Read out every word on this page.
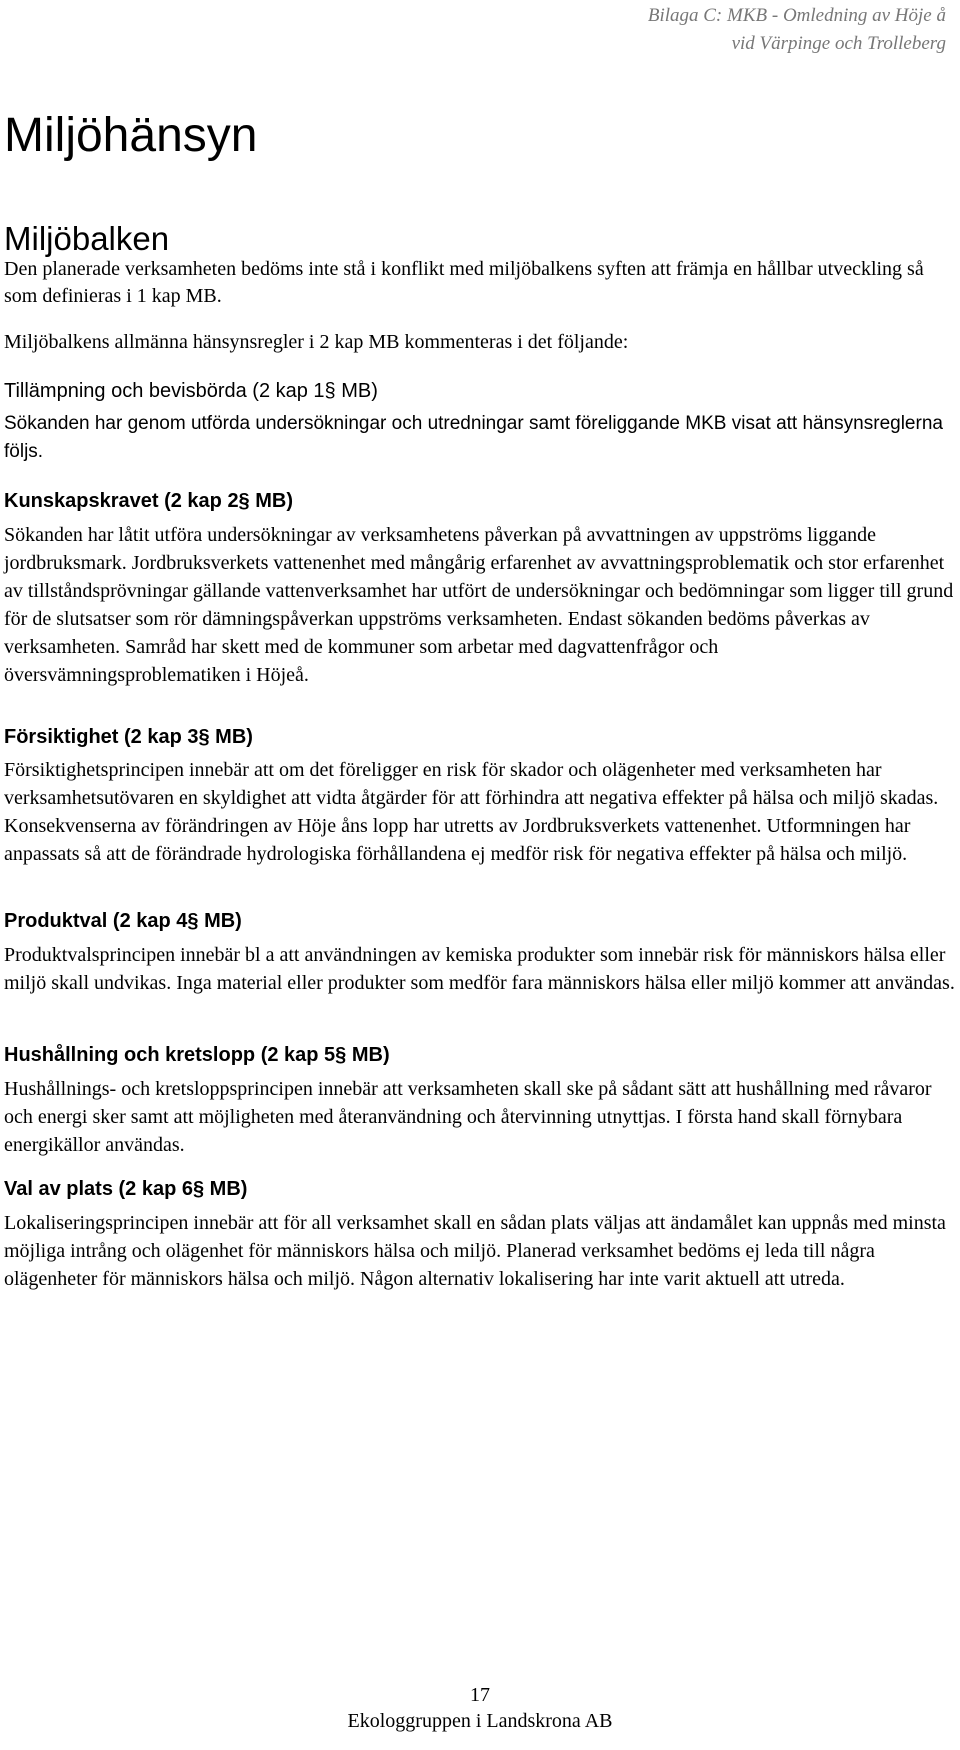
Bilaga C: MKB - Omledning av Höje å
vid Värpinge och Trolleberg
Miljöhänsyn
Miljöbalken

Den planerade verksamheten bedöms inte stå i konflikt med miljöbalkens syften att främja en hållbar utveckling så som definieras i 1 kap MB.

Miljöbalkens allmänna hänsynsregler i 2 kap MB kommenteras i det följande:

Tillämpning och bevisbörda (2 kap 1§ MB)

Sökanden har genom utförda undersökningar och utredningar samt föreliggande MKB visat att hänsynsreglerna följs.

Kunskapskravet (2 kap 2§ MB)

Sökanden har låtit utföra undersökningar av verksamhetens påverkan på avvattningen av uppströms liggande jordbruksmark. Jordbruksverkets vattenenhet med mångårig erfarenhet av avvattningsproblematik och stor erfarenhet av tillståndsprövningar gällande vattenverksamhet har utfört de undersökningar och bedömningar som ligger till grund för de slutsatser som rör dämningspåverkan uppströms verksamheten. Endast sökanden bedöms påverkas av verksamheten. Samråd har skett med de kommuner som arbetar med dagvattenfrågor och översvämningsproblematiken i Höjeå.

Försiktighet (2 kap 3§ MB)

Försiktighetsprincipen innebär att om det föreligger en risk för skador och olägenheter med verksamheten har verksamhetsutövaren en skyldighet att vidta åtgärder för att förhindra att negativa effekter på hälsa och miljö skadas. Konsekvenserna av förändringen av Höje åns lopp har utretts av Jordbruksverkets vattenenhet. Utformningen har anpassats så att de förändrade hydrologiska förhållandena ej medför risk för negativa effekter på hälsa och miljö.

Produktval (2 kap 4§ MB)

Produktvalsprincipen innebär bl a att användningen av kemiska produkter som innebär risk för människors hälsa eller miljö skall undvikas. Inga material eller produkter som medför fara människors hälsa eller miljö kommer att användas.

Hushållning och kretslopp (2 kap 5§ MB)

Hushållnings- och kretsloppsprincipen innebär att verksamheten skall ske på sådant sätt att hushållning med råvaror och energi sker samt att möjligheten med återanvändning och återvinning utnyttjas. I första hand skall förnybara energikällor användas.

Val av plats (2 kap 6§ MB)

Lokaliseringsprincipen innebär att för all verksamhet skall en sådan plats väljas att ändamålet kan uppnås med minsta möjliga intrång och olägenhet för människors hälsa och miljö. Planerad verksamhet bedöms ej leda till några olägenheter för människors hälsa och miljö. Någon alternativ lokalisering har inte varit aktuell att utreda.

17
Ekologgruppen i Landskrona AB
